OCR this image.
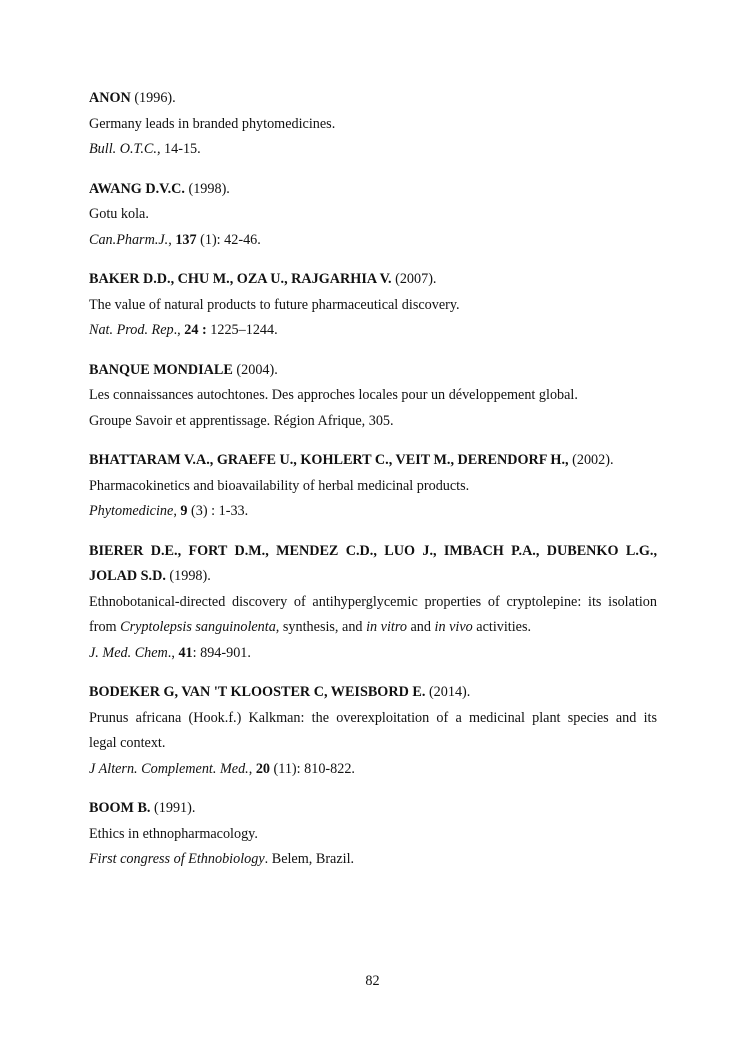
ANON (1996).
Germany leads in branded phytomedicines.
Bull. O.T.C., 14-15.
AWANG D.V.C. (1998).
Gotu kola.
Can.Pharm.J., 137 (1): 42-46.
BAKER D.D., CHU M., OZA U., RAJGARHIA V. (2007).
The value of natural products to future pharmaceutical discovery.
Nat. Prod. Rep., 24 : 1225–1244.
BANQUE MONDIALE (2004).
Les connaissances autochtones. Des approches locales pour un développement global.
Groupe Savoir et apprentissage. Région Afrique, 305.
BHATTARAM V.A., GRAEFE U., KOHLERT C., VEIT M., DERENDORF H., (2002).
Pharmacokinetics and bioavailability of herbal medicinal products.
Phytomedicine, 9 (3) : 1-33.
BIERER D.E., FORT D.M., MENDEZ C.D., LUO J., IMBACH P.A., DUBENKO L.G.,
JOLAD S.D. (1998).
Ethnobotanical-directed discovery of antihyperglycemic properties of cryptolepine: its isolation
from Cryptolepsis sanguinolenta, synthesis, and in vitro and in vivo activities.
J. Med. Chem., 41: 894-901.
BODEKER G, VAN 'T KLOOSTER C, WEISBORD E. (2014).
Prunus africana (Hook.f.) Kalkman: the overexploitation of a medicinal plant species and its
legal context.
J Altern. Complement. Med., 20 (11): 810-822.
BOOM B. (1991).
Ethics in ethnopharmacology.
First congress of Ethnobiology. Belem, Brazil.
82
